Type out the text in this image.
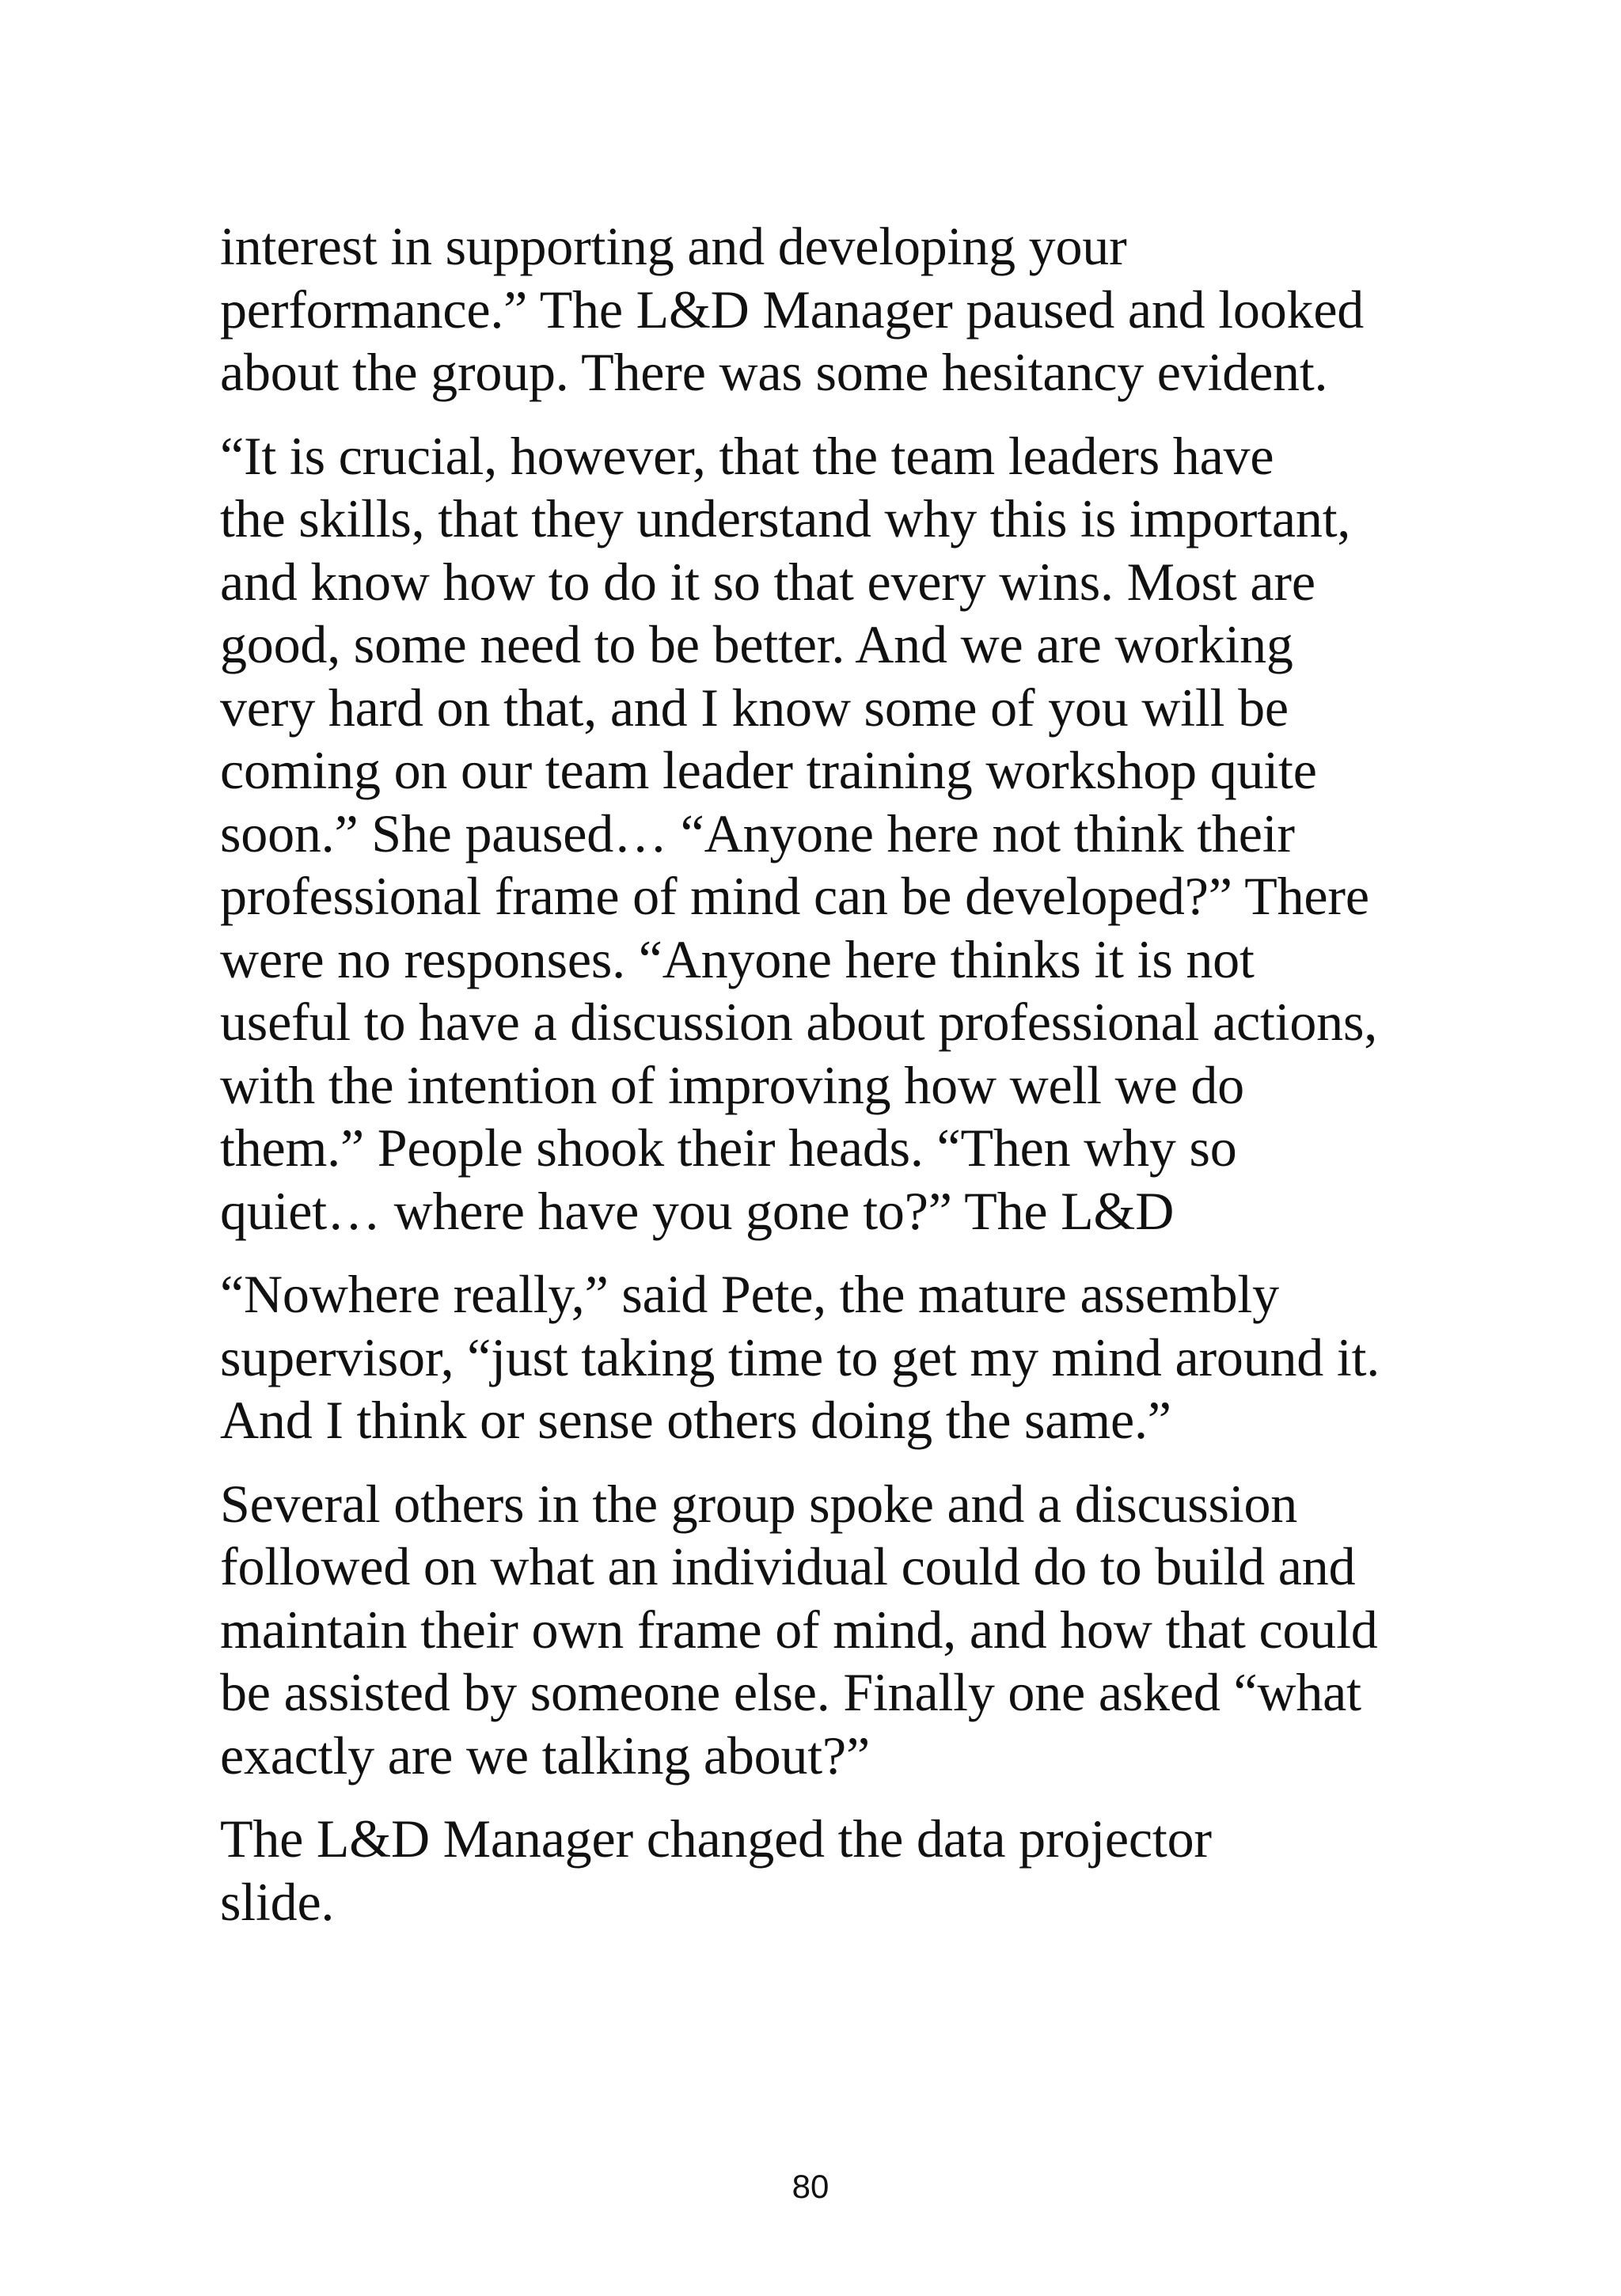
interest in supporting and developing your
performance.” The L&D Manager paused and looked
about the group. There was some hesitancy evident.

“It is crucial, however, that the team leaders have
the skills, that they understand why this is important,
and know how to do it so that every wins. Most are
good, some need to be better. And we are working
very hard on that, and I know some of you will be
coming on our team leader training workshop quite
soon.” She paused… “Anyone here not think their
professional frame of mind can be developed?” There
were no responses. “Anyone here thinks it is not
useful to have a discussion about professional actions,
with the intention of improving how well we do
them.” People shook their heads. “Then why so
quiet… where have you gone to?” The L&D

“Nowhere really,” said Pete, the mature assembly
supervisor, “just taking time to get my mind around it.
And I think or sense others doing the same.”

Several others in the group spoke and a discussion
followed on what an individual could do to build and
maintain their own frame of mind, and how that could
be assisted by someone else. Finally one asked “what
exactly are we talking about?”

The L&D Manager changed the data projector
slide.

80
